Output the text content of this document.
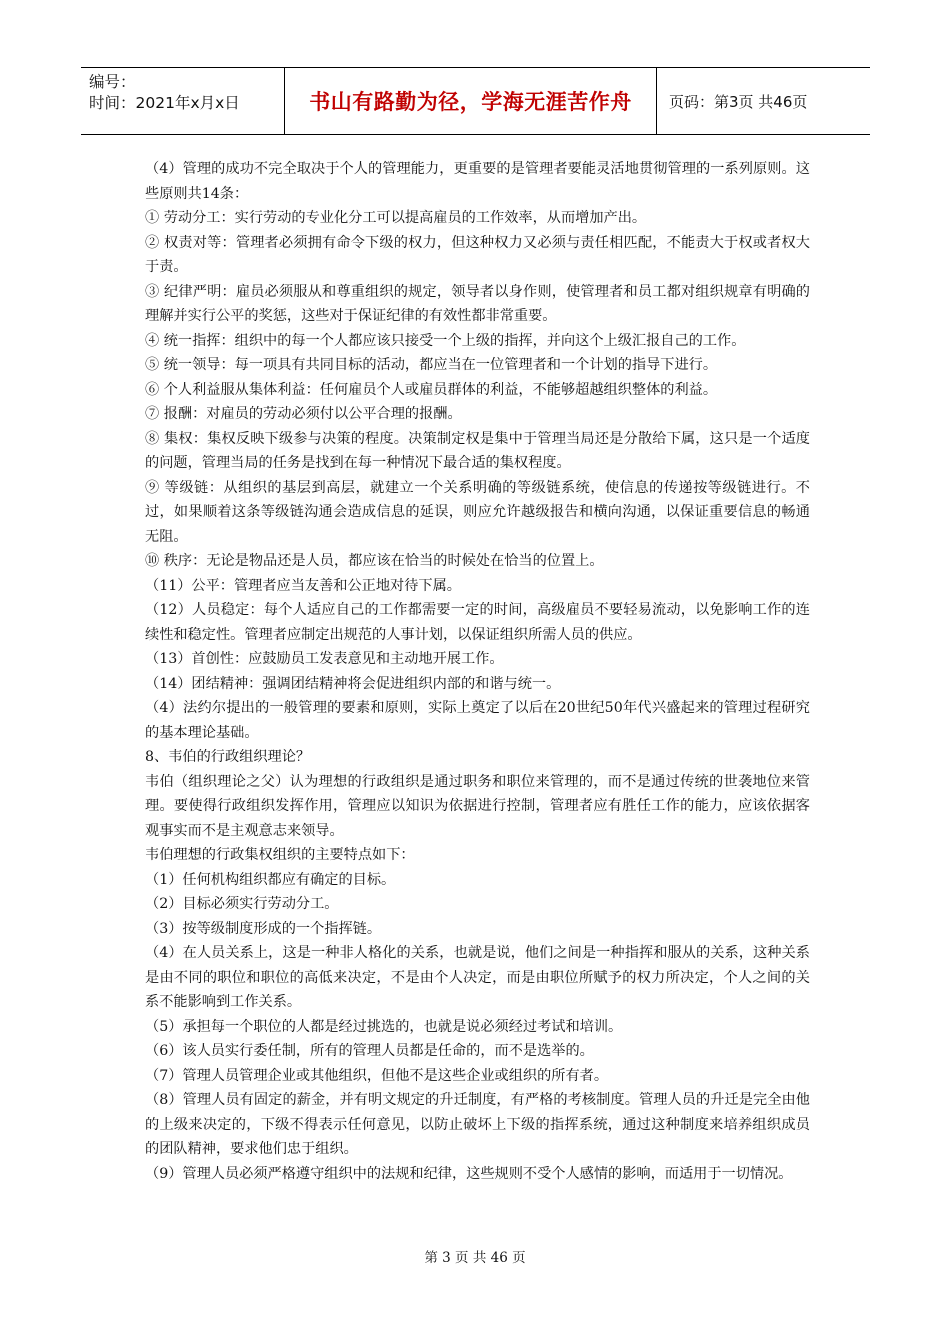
编号：
时间：2021年x月x日	书山有路勤为径，学海无涯苦作舟	页码：第3页 共46页

（4）管理的成功不完全取决于个人的管理能力，更重要的是管理者要能灵活地贯彻管理的一系列原则。这些原则共14条：

① 劳动分工：实行劳动的专业化分工可以提高雇员的工作效率，从而增加产出。

② 权责对等：管理者必须拥有命令下级的权力，但这种权力又必须与责任相匹配，不能责大于权或者权大于责。

③ 纪律严明：雇员必须服从和尊重组织的规定，领导者以身作则，使管理者和员工都对组织规章有明确的理解并实行公平的奖惩，这些对于保证纪律的有效性都非常重要。

④ 统一指挥：组织中的每一个人都应该只接受一个上级的指挥，并向这个上级汇报自己的工作。

⑤ 统一领导：每一项具有共同目标的活动，都应当在一位管理者和一个计划的指导下进行。

⑥ 个人利益服从集体利益：任何雇员个人或雇员群体的利益，不能够超越组织整体的利益。

⑦ 报酬：对雇员的劳动必须付以公平合理的报酬。

⑧ 集权：集权反映下级参与决策的程度。决策制定权是集中于管理当局还是分散给下属，这只是一个适度的问题，管理当局的任务是找到在每一种情况下最合适的集权程度。

⑨ 等级链：从组织的基层到高层，就建立一个关系明确的等级链系统，使信息的传递按等级链进行。不过，如果顺着这条等级链沟通会造成信息的延误，则应允许越级报告和横向沟通，以保证重要信息的畅通无阻。

⑩ 秩序：无论是物品还是人员，都应该在恰当的时候处在恰当的位置上。

（11）公平：管理者应当友善和公正地对待下属。

（12）人员稳定：每个人适应自己的工作都需要一定的时间，高级雇员不要轻易流动，以免影响工作的连续性和稳定性。管理者应制定出规范的人事计划，以保证组织所需人员的供应。

（13）首创性：应鼓励员工发表意见和主动地开展工作。

（14）团结精神：强调团结精神将会促进组织内部的和谐与统一。

（4）法约尔提出的一般管理的要素和原则，实际上奠定了以后在20世纪50年代兴盛起来的管理过程研究的基本理论基础。

8、韦伯的行政组织理论？

韦伯（组织理论之父）认为理想的行政组织是通过职务和职位来管理的，而不是通过传统的世袭地位来管理。要使得行政组织发挥作用，管理应以知识为依据进行控制，管理者应有胜任工作的能力，应该依据客观事实而不是主观意志来领导。

韦伯理想的行政集权组织的主要特点如下：

（1）任何机构组织都应有确定的目标。

（2）目标必须实行劳动分工。

（3）按等级制度形成的一个指挥链。

（4）在人员关系上，这是一种非人格化的关系，也就是说，他们之间是一种指挥和服从的关系，这种关系是由不同的职位和职位的高低来决定，不是由个人决定，而是由职位所赋予的权力所决定，个人之间的关系不能影响到工作关系。

（5）承担每一个职位的人都是经过挑选的，也就是说必须经过考试和培训。

（6）该人员实行委任制，所有的管理人员都是任命的，而不是选举的。

（7）管理人员管理企业或其他组织，但他不是这些企业或组织的所有者。

（8）管理人员有固定的薪金，并有明文规定的升迁制度，有严格的考核制度。管理人员的升迁是完全由他的上级来决定的，下级不得表示任何意见，以防止破坏上下级的指挥系统，通过这种制度来培养组织成员的团队精神，要求他们忠于组织。

（9）管理人员必须严格遵守组织中的法规和纪律，这些规则不受个人感情的影响，而适用于一切情况。

第 3 页 共 46 页
